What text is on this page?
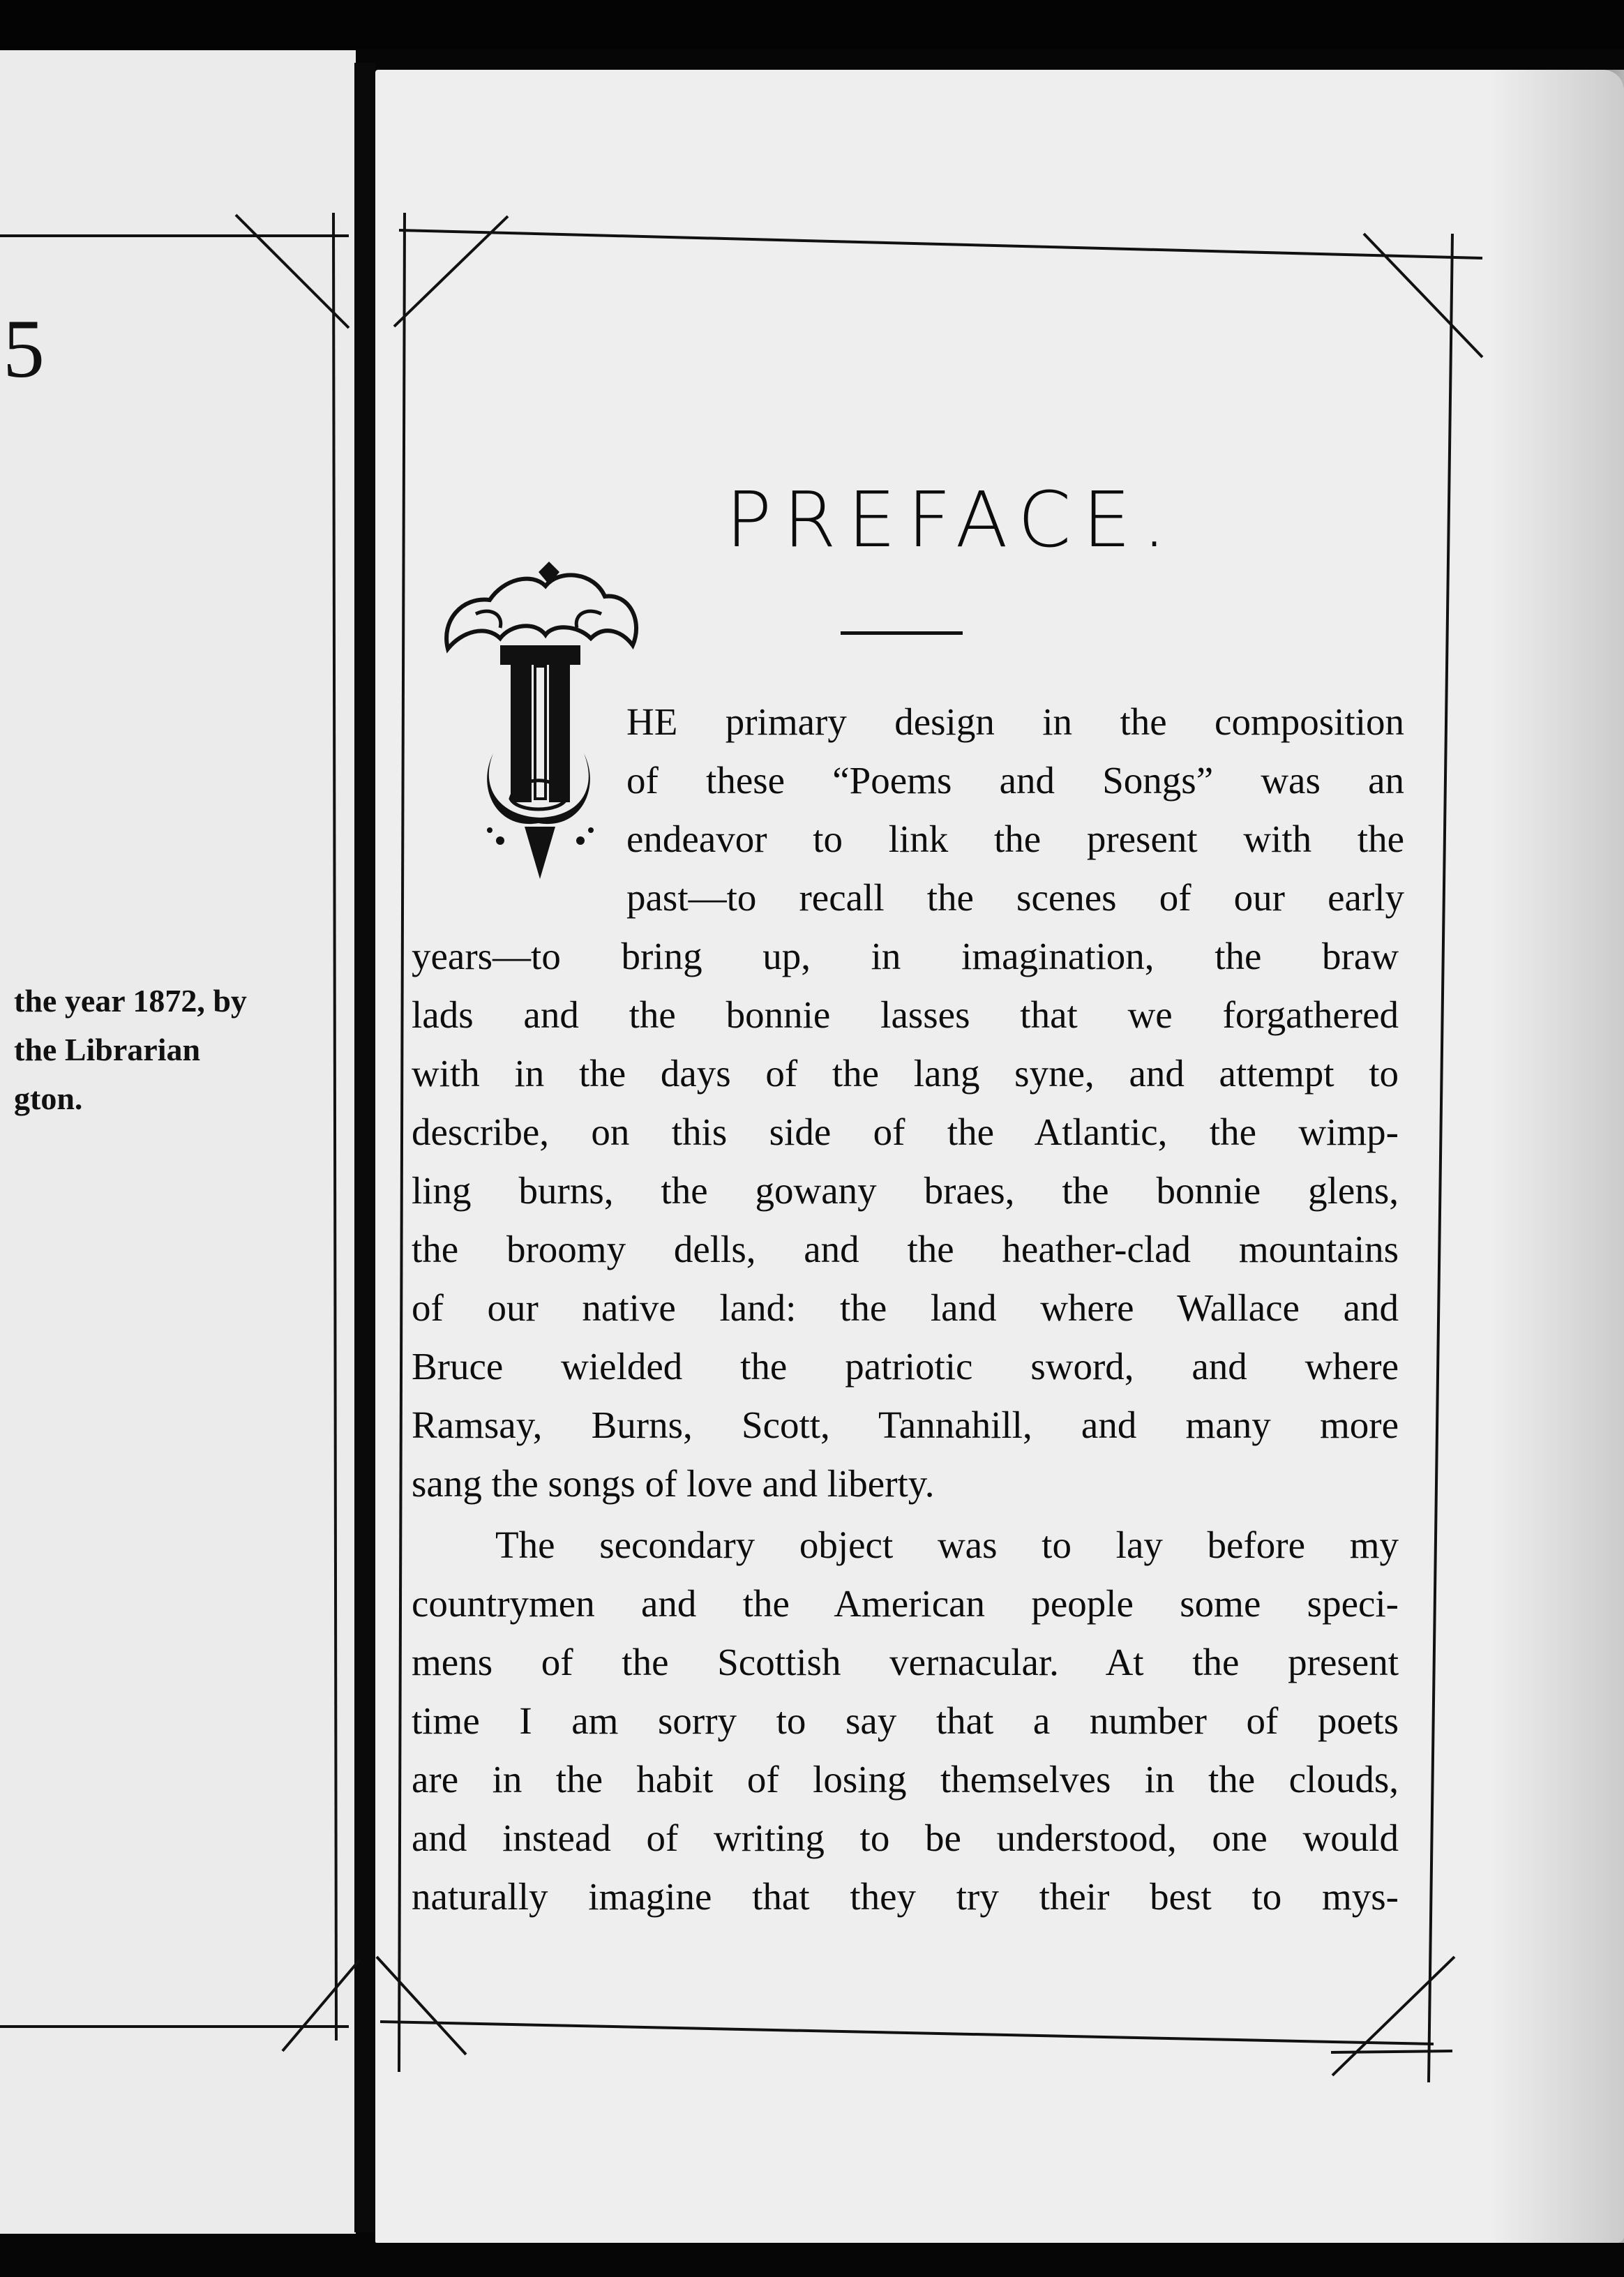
5
the year 1872, by
the Librarian
gton.
PREFACE.
HE primary design in the composition
of these “Poems and Songs” was an
endeavor to link the present with the
past—to recall the scenes of our early
years—to bring up, in imagination, the braw
lads and the bonnie lasses that we forgathered
with in the days of the lang syne, and attempt to
describe, on this side of the Atlantic, the wimp-
ling burns, the gowany braes, the bonnie glens,
the broomy dells, and the heather-clad mountains
of our native land: the land where Wallace and
Bruce wielded the patriotic sword, and where
Ramsay, Burns, Scott, Tannahill, and many more
sang the songs of love and liberty.
The secondary object was to lay before my
countrymen and the American people some speci-
mens of the Scottish vernacular. At the present
time I am sorry to say that a number of poets
are in the habit of losing themselves in the clouds,
and instead of writing to be understood, one would
naturally imagine that they try their best to mys-
